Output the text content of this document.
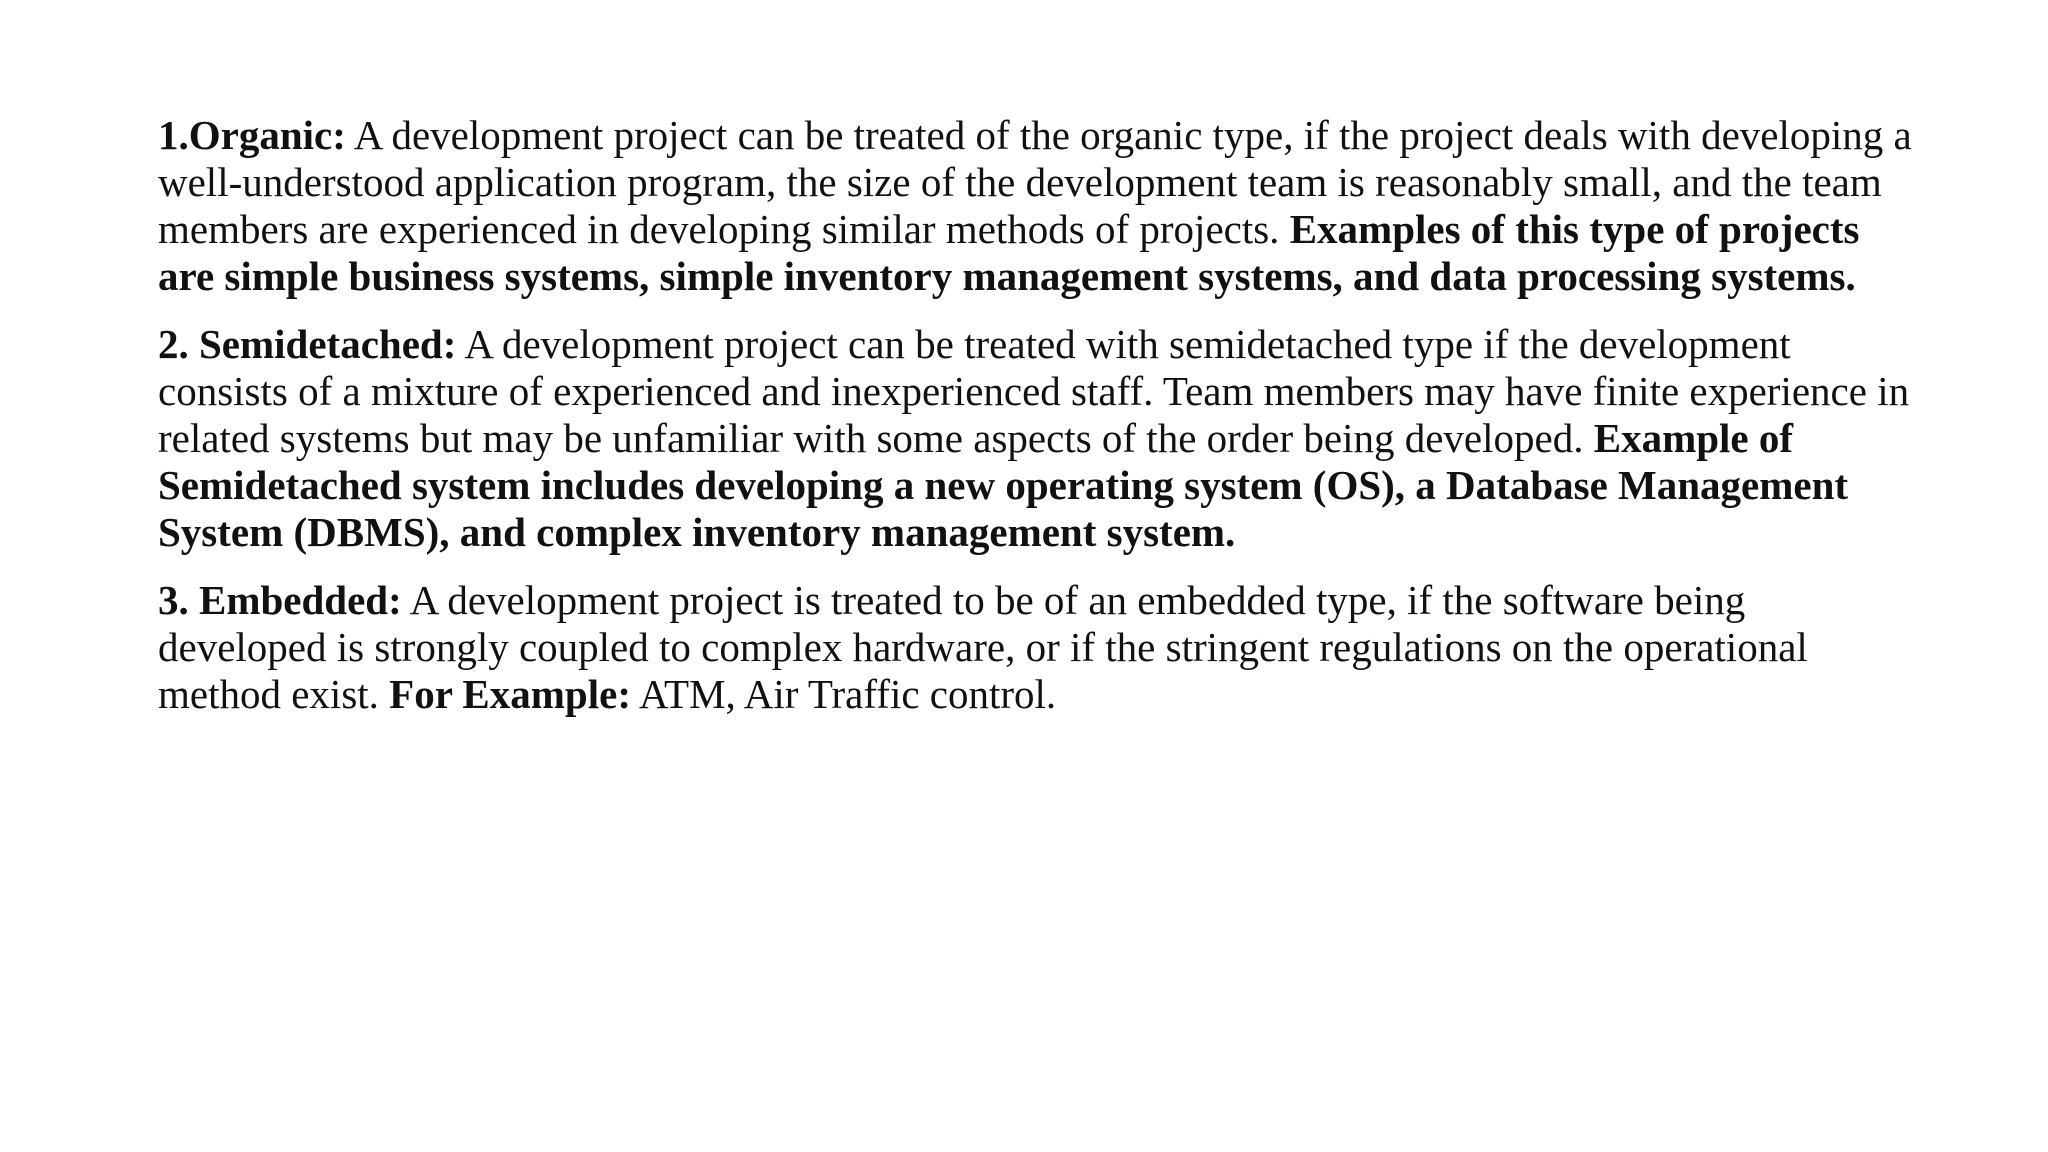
1.Organic: A development project can be treated of the organic type, if the project deals with developing a well-understood application program, the size of the development team is reasonably small, and the team members are experienced in developing similar methods of projects. Examples of this type of projects are simple business systems, simple inventory management systems, and data processing systems.

2. Semidetached: A development project can be treated with semidetached type if the development consists of a mixture of experienced and inexperienced staff. Team members may have finite experience in related systems but may be unfamiliar with some aspects of the order being developed. Example of Semidetached system includes developing a new operating system (OS), a Database Management System (DBMS), and complex inventory management system.

3. Embedded: A development project is treated to be of an embedded type, if the software being developed is strongly coupled to complex hardware, or if the stringent regulations on the operational method exist. For Example: ATM, Air Traffic control.
